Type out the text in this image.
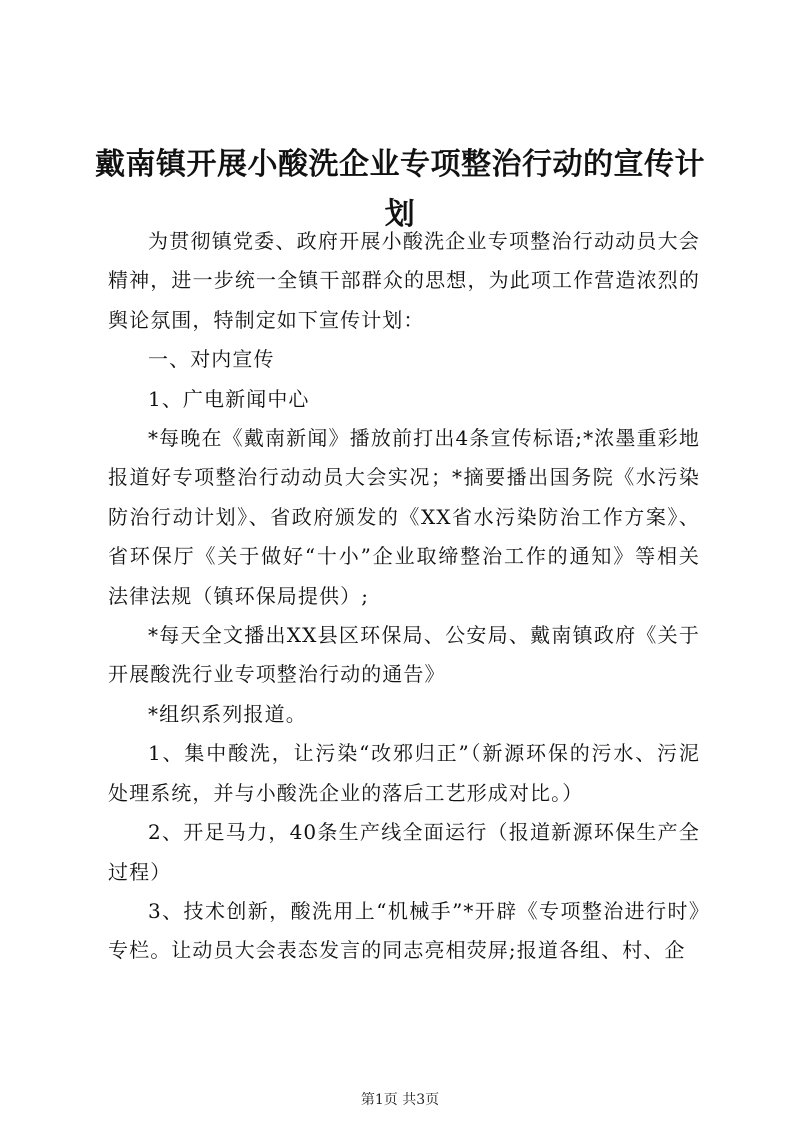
戴南镇开展小酸洗企业专项整治行动的宣传计划

为贯彻镇党委、政府开展小酸洗企业专项整治行动动员大会精神，进一步统一全镇干部群众的思想，为此项工作营造浓烈的舆论氛围，特制定如下宣传计划：

一、对内宣传

1、广电新闻中心

*每晚在《戴南新闻》播放前打出4条宣传标语;*浓墨重彩地报道好专项整治行动动员大会实况；*摘要播出国务院《水污染防治行动计划》、省政府颁发的《XX省水污染防治工作方案》、省环保厅《关于做好“十小”企业取缔整治工作的通知》等相关法律法规（镇环保局提供）;

*每天全文播出XX县区环保局、公安局、戴南镇政府《关于开展酸洗行业专项整治行动的通告》

*组织系列报道。

1、集中酸洗，让污染“改邪归正”（新源环保的污水、污泥处理系统，并与小酸洗企业的落后工艺形成对比。）

2、开足马力，40条生产线全面运行（报道新源环保生产全过程）

3、技术创新，酸洗用上“机械手”*开辟《专项整治进行时》专栏。让动员大会表态发言的同志亮相荧屏;报道各组、村、企

第1页 共3页
